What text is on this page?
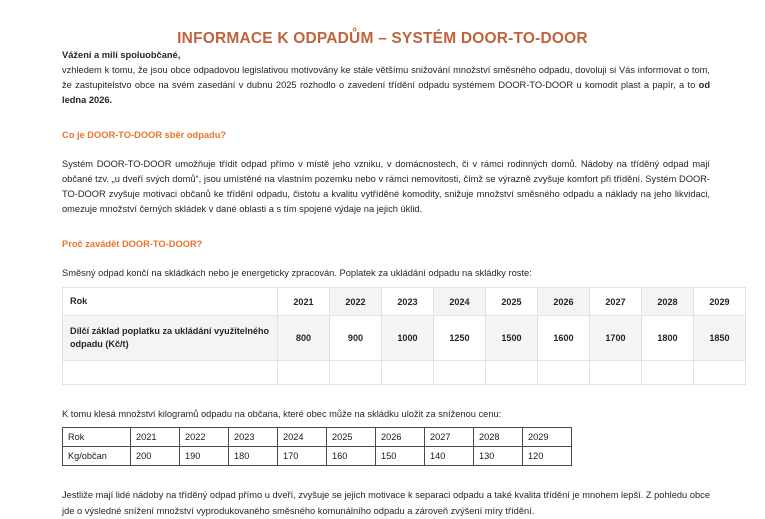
INFORMACE K ODPADŮM – SYSTÉM DOOR-TO-DOOR

Vážení a milí spoluobčané,
vzhledem k tomu, že jsou obce odpadovou legislativou motivovány ke stále většímu snižování množství směsného odpadu, dovoluji si Vás informovat o tom, že zastupitelstvo obce na svém zasedání v dubnu 2025 rozhodlo o zavedení třídění odpadu systémem DOOR-TO-DOOR u komodit plast a papír, a to od ledna 2026.

Co je DOOR-TO-DOOR sběr odpadu?

Systém DOOR-TO-DOOR umožňuje třídit odpad přímo v místě jeho vzniku, v domácnostech, či v rámci rodinných domů. Nádoby na tříděný odpad mají občané tzv. „u dveří svých domů“, jsou umístěné na vlastním pozemku nebo v rámci nemovitosti, čímž se výrazně zvyšuje komfort při třídění. Systém DOOR-TO-DOOR zvyšuje motivaci občanů ke třídění odpadu, čistotu a kvalitu vytříděné komodity, snižuje množství směsného odpadu a náklady na jeho likvidaci, omezuje množství černých skládek v dané oblasti a s tím spojené výdaje na jejich úklid.

Proč zavádět DOOR-TO-DOOR?

Směsný odpad končí na skládkách nebo je energeticky zpracován. Poplatek za ukládání odpadu na skládky roste:

Rok	2021	2022	2023	2024	2025	2026	2027	2028	2029
Dílčí základ poplatku za ukládání využitelného odpadu (Kč/t)	800	900	1000	1250	1500	1600	1700	1800	1850

K tomu klesá množství kilogramů odpadu na občana, které obec může na skládku uložit za sníženou cenu:

Rok	2021	2022	2023	2024	2025	2026	2027	2028	2029
Kg/občan	200	190	180	170	160	150	140	130	120

Jestliže mají lidé nádoby na tříděný odpad přímo u dveří, zvyšuje se jejich motivace k separaci odpadu a také kvalita třídění je mnohem lepší. Z pohledu obce jde o výsledné snížení množství vyprodukovaného směsného komunálního odpadu a zároveň zvýšení míry třídění.
